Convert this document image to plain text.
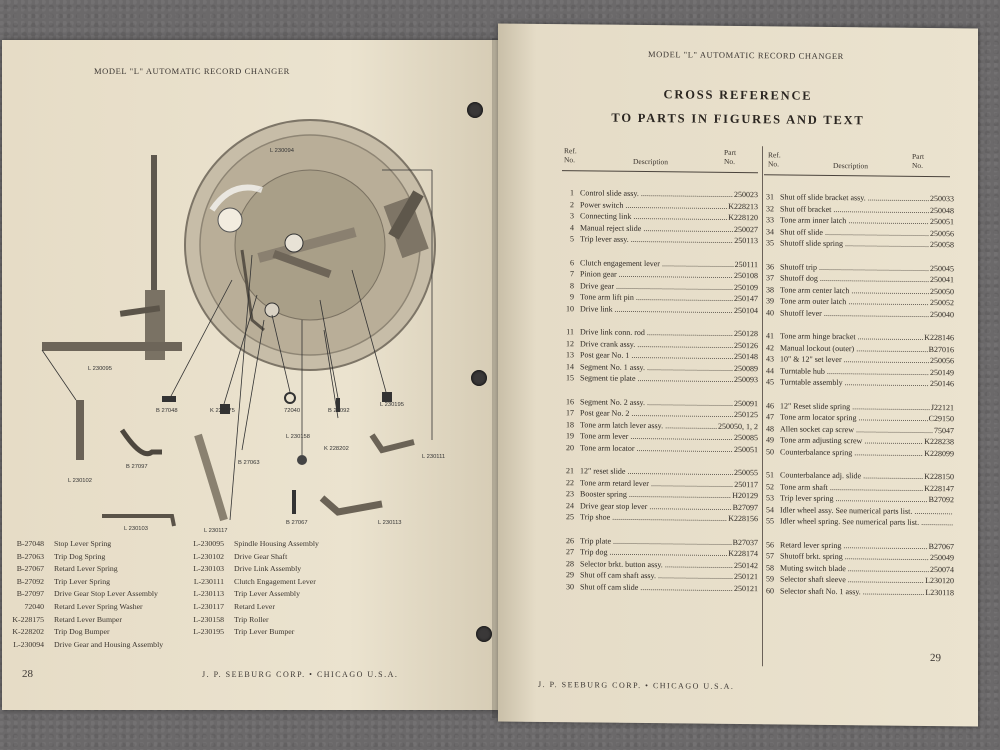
MODEL "L" AUTOMATIC RECORD CHANGER
L 230094
L 230095
B 27048	K 228175	72040	B 27092
L 230195
L 230102
B 27097
B 27063
L 230158
K 228202
L 230111
L 230103	L 230117
B 27067	L 230113
B-27048 Stop Lever Spring
B-27063 Trip Dog Spring
B-27067 Retard Lever Spring
B-27092 Trip Lever Spring
B-27097 Drive Gear Stop Lever Assembly
72040 Retard Lever Spring Washer
K-228175 Retard Lever Bumper
K-228202 Trip Dog Bumper
L-230094 Drive Gear and Housing Assembly
L-230095 Spindle Housing Assembly
L-230102 Drive Gear Shaft
L-230103 Drive Link Assembly
L-230111 Clutch Engagement Lever
L-230113 Trip Lever Assembly
L-230117 Retard Lever
L-230158 Trip Roller
L-230195 Trip Lever Bumper
28	J. P. SEEBURG CORP. • CHICAGO U.S.A.
MODEL "L" AUTOMATIC RECORD CHANGER
CROSS REFERENCE
TO PARTS IN FIGURES AND TEXT
Ref. No.	Description
Part No.
Ref. No.	Description
Part No.
1 Control slide assy. .....	250023
2 Power switch .....	K228213
3 Connecting link .....	K228120
4 Manual reject slide .....	250027
5 Trip lever assy. .....	250113
6 Clutch engagement lever .....	250111
7 Pinion gear .....	250108
8 Drive gear .....	250109
9 Tone arm lift pin .....	250147
10 Drive link .....	250104
11 Drive link conn. rod .....	250128
12 Drive crank assy. .....	250126
13 Post gear No. 1 .....	250148
14 Segment No. 1 assy. .....	250089
15 Segment tie plate .....	250093
16 Segment No. 2 assy. .....	250091
17 Post gear No. 2 .....	250125
18 Tone arm latch lever assy. .....	250050, 1, 2
19 Tone arm lever .....	250085
20 Tone arm locator .....	250051
21 12" reset slide .....	250055
22 Tone arm retard lever .....	250117
23 Booster spring .....	H20129
24 Drive gear stop lever .....	B27097
25 Trip shoe .....	K228156
26 Trip plate .....	B27037
27 Trip dog .....	K228174
28 Selector brkt. button assy. .....	250142
29 Shut off cam shaft assy. .....	250121
30 Shut off cam slide .....	250121
31 Shut off slide bracket assy. .....	250033
32 Shut off bracket .....	250048
33 Tone arm inner latch .....	250051
34 Shut off slide .....	250056
35 Shutoff slide spring .....	250058
36 Shutoff trip .....	250045
37 Shutoff dog .....	250041
38 Tone arm center latch .....	250050
39 Tone arm outer latch .....	250052
40 Shutoff lever .....	250040
41 Tone arm hinge bracket .....	K228146
42 Manual lockout (outer) .....	B27016
43 10" & 12" set lever .....	250056
44 Turntable hub .....	250149
45 Turntable assembly .....	250146
46 12" Reset slide spring .....	J22121
47 Tone arm locator spring .....	C29150
48 Allen socket cap screw .....	75047
49 Tone arm adjusting screw .....	K228238
50 Counterbalance spring .....	K228099
51 Counterbalance adj. slide .....	K228150
52 Tone arm shaft .....	K228147
53 Trip lever spring .....	B27092
54 Idler wheel assy. See numerical parts list. .....
55 Idler wheel spring. See numerical parts list. .....
56 Retard lever spring .....	B27067
57 Shutoff brkt. spring .....	250049
58 Muting switch blade .....	250074
59 Selector shaft sleeve .....	L230120
60 Selector shaft No. 1 assy. .....	L230118
29
J. P. SEEBURG CORP. • CHICAGO U.S.A.
